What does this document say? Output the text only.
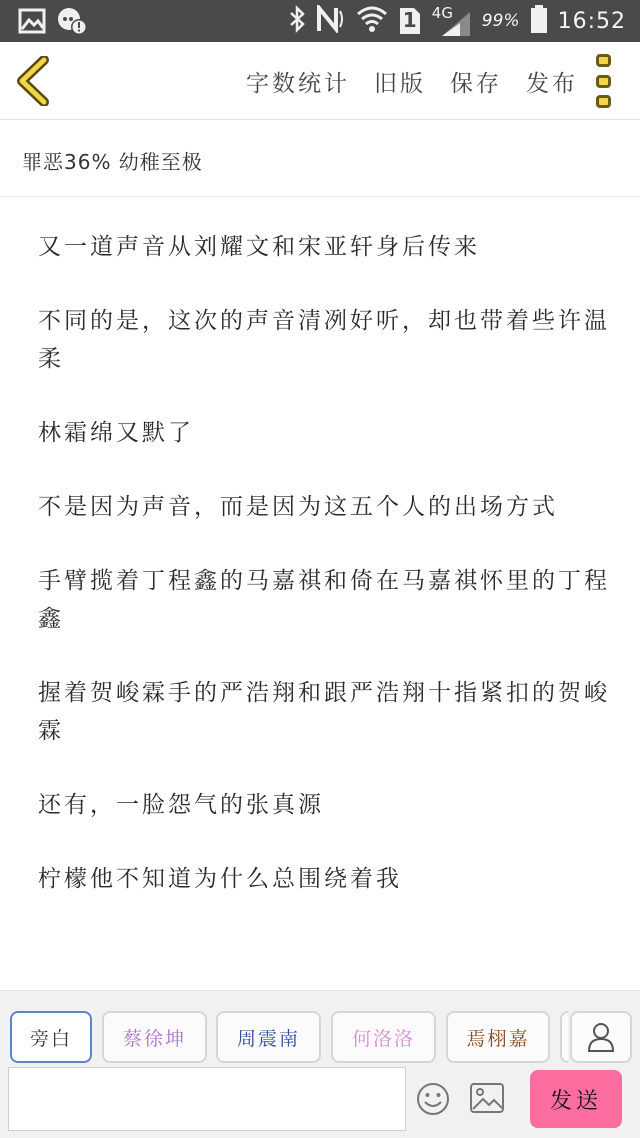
1 4G 99% 16:52
字数统计 旧版 保存 发布
罪恶36% 幼稚至极

又一道声音从刘耀文和宋亚轩身后传来

不同的是，这次的声音清冽好听，却也带着些许温柔

林霜绵又默了

不是因为声音，而是因为这五个人的出场方式

手臂揽着丁程鑫的马嘉祺和倚在马嘉祺怀里的丁程鑫

握着贺峻霖手的严浩翔和跟严浩翔十指紧扣的贺峻霖

还有，一脸怨气的张真源

柠檬他不知道为什么总围绕着我

旁白	蔡徐坤	周震南	何洛洛	焉栩嘉
发送
